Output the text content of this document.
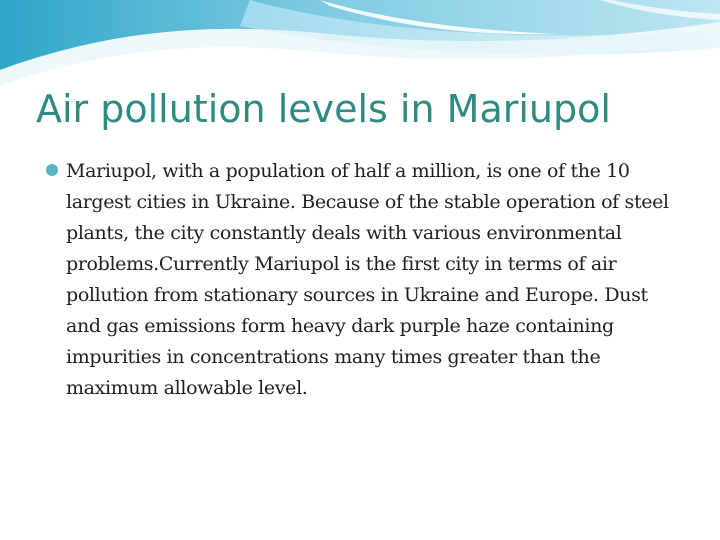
Air pollution levels in Mariupol

Mariupol, with a population of half a million, is one of the 10 largest cities in Ukraine. Because of the stable operation of steel plants, the city constantly deals with various environmental problems.Currently Mariupol is the first city in terms of air pollution from stationary sources in Ukraine and Europe. Dust and gas emissions form heavy dark purple haze containing impurities in concentrations many times greater than the maximum allowable level.
